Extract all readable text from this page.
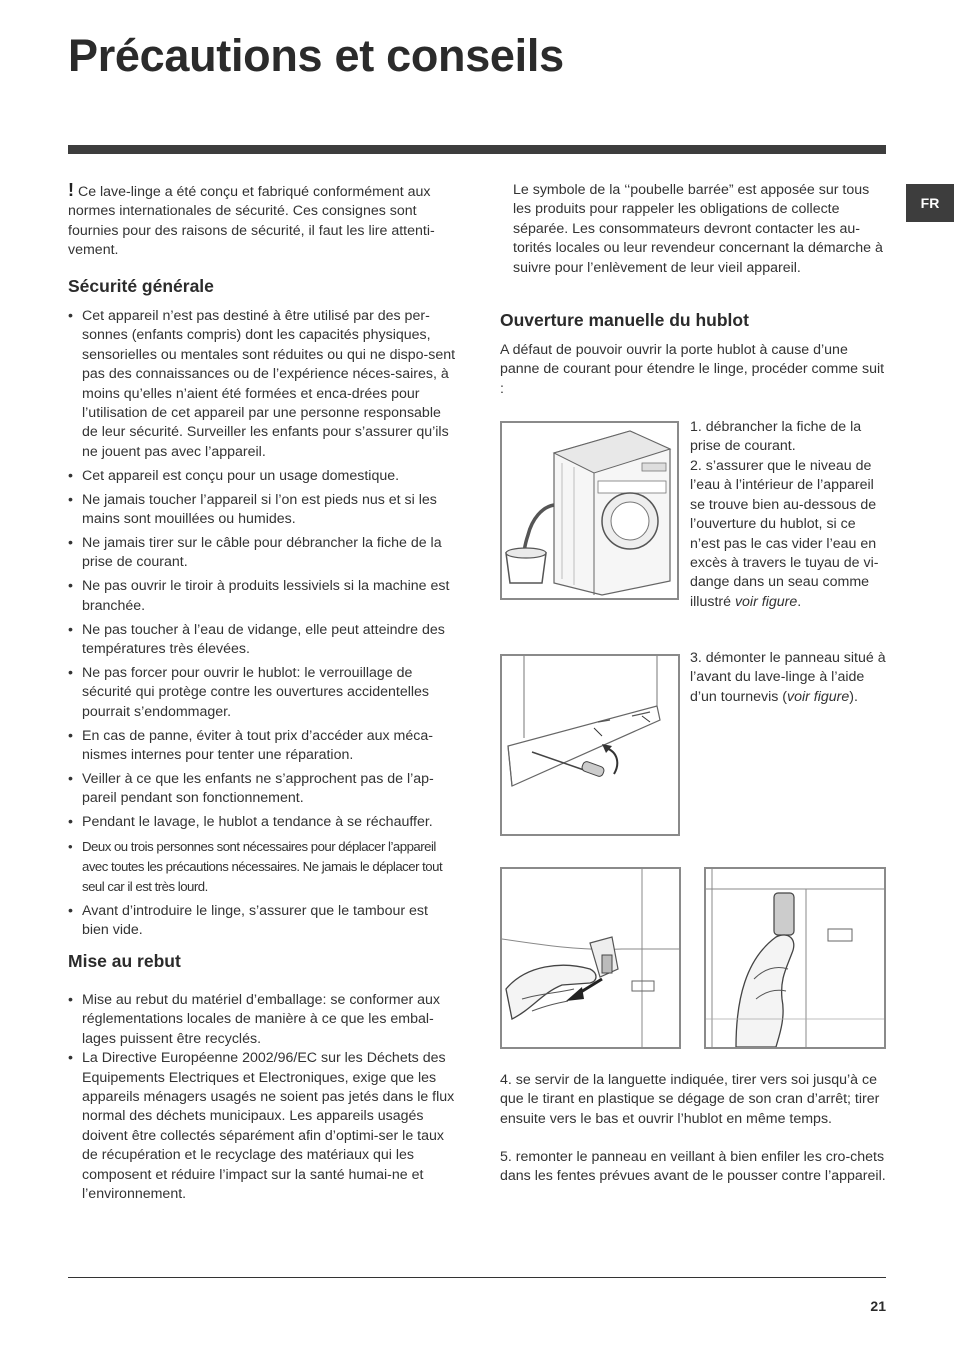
Précautions et conseils
FR

! Ce lave-linge a été conçu et fabriqué conformément aux normes internationales de sécurité. Ces consignes sont fournies pour des raisons de sécurité, il faut les lire attenti-vement.

Sécurité générale
• Cet appareil n’est pas destiné à être utilisé par des per-sonnes (enfants compris) dont les capacités physiques, sensorielles ou mentales sont réduites ou qui ne dispo-sent pas des connaissances ou de l’expérience néces-saires, à moins qu’elles n’aient été formées et enca-drées pour l’utilisation de cet appareil par une personne responsable de leur sécurité. Surveiller les enfants pour s’assurer qu’ils ne jouent pas avec l’appareil.
• Cet appareil est conçu pour un usage domestique.
• Ne jamais toucher l’appareil si l’on est pieds nus et si les mains sont mouillées ou humides.
• Ne jamais tirer sur le câble pour débrancher la fiche de la prise de courant.
• Ne pas ouvrir le tiroir à produits lessiviels si la machine est branchée.
• Ne pas toucher à l’eau de vidange, elle peut atteindre des températures très élevées.
• Ne pas forcer pour ouvrir le hublot: le verrouillage de sécurité qui protège contre les ouvertures accidentelles pourrait s’endommager.
• En cas de panne, éviter à tout prix d’accéder aux méca-nismes internes pour tenter une réparation.
• Veiller à ce que les enfants ne s’approchent pas de l’ap-pareil pendant son fonctionnement.
• Pendant le lavage, le hublot a tendance à se réchauffer.
• Deux ou trois personnes sont nécessaires pour déplacer l’appareil avec toutes les précautions nécessaires. Ne jamais le déplacer tout seul car il est très lourd.
• Avant d’introduire le linge, s’assurer que le tambour est bien vide.
Mise au rebut
• Mise au rebut du matériel d’emballage: se conformer aux réglementations locales de manière à ce que les embal-lages puissent être recyclés.
• La Directive Européenne 2002/96/EC sur les Déchets des Equipements Electriques et Electroniques, exige que les appareils ménagers usagés ne soient pas jetés dans le flux normal des déchets municipaux. Les appareils usagés doivent être collectés séparément afin d’optimi-ser le taux de récupération et le recyclage des matériaux qui les composent et réduire l’impact sur la santé humai-ne et l’environnement.

Le symbole de la ‘‘poubelle barrée” est apposée sur tous les produits pour rappeler les obligations de collecte séparée. Les consommateurs devront contacter les au-torités locales ou leur revendeur concernant la démarche à suivre pour l’enlèvement de leur vieil appareil.

Ouverture manuelle du hublot

A défaut de pouvoir ouvrir la porte hublot à cause d’une panne de courant pour étendre le linge, procéder comme suit :

1. débrancher la fiche de la prise de courant.

2. s’assurer que le niveau de l’eau à l’intérieur de l’appareil se trouve bien au-dessous de l’ouverture du hublot, si ce n’est pas le cas vider l’eau en excès à travers le tuyau de vi-dange dans un seau comme illustré voir figure.

3. démonter le panneau situé à l’avant du lave-linge à l’aide d’un tournevis (voir figure).

4. se servir de la languette indiquée, tirer vers soi jusqu’à ce que le tirant en plastique se dégage de son cran d’arrêt; tirer ensuite vers le bas et ouvrir l’hublot en même temps.

5. remonter le panneau en veillant à bien enfiler les cro-chets dans les fentes prévues avant de le pousser contre l’appareil.

21
